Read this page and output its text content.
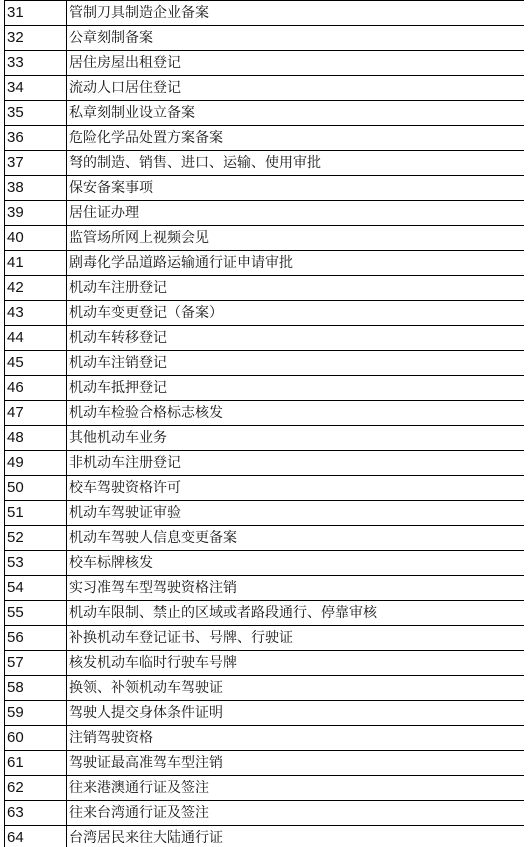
31	管制刀具制造企业备案
32	公章刻制备案
33	居住房屋出租登记
34	流动人口居住登记
35	私章刻制业设立备案
36	危险化学品处置方案备案
37	弩的制造、销售、进口、运输、使用审批
38	保安备案事项
39	居住证办理
40	监管场所网上视频会见
41	剧毒化学品道路运输通行证申请审批
42	机动车注册登记
43	机动车变更登记（备案）
44	机动车转移登记
45	机动车注销登记
46	机动车抵押登记
47	机动车检验合格标志核发
48	其他机动车业务
49	非机动车注册登记
50	校车驾驶资格许可
51	机动车驾驶证审验
52	机动车驾驶人信息变更备案
53	校车标牌核发
54	实习准驾车型驾驶资格注销
55	机动车限制、禁止的区域或者路段通行、停靠审核
56	补换机动车登记证书、号牌、行驶证
57	核发机动车临时行驶车号牌
58	换领、补领机动车驾驶证
59	驾驶人提交身体条件证明
60	注销驾驶资格
61	驾驶证最高准驾车型注销
62	往来港澳通行证及签注
63	往来台湾通行证及签注
64	台湾居民来往大陆通行证
